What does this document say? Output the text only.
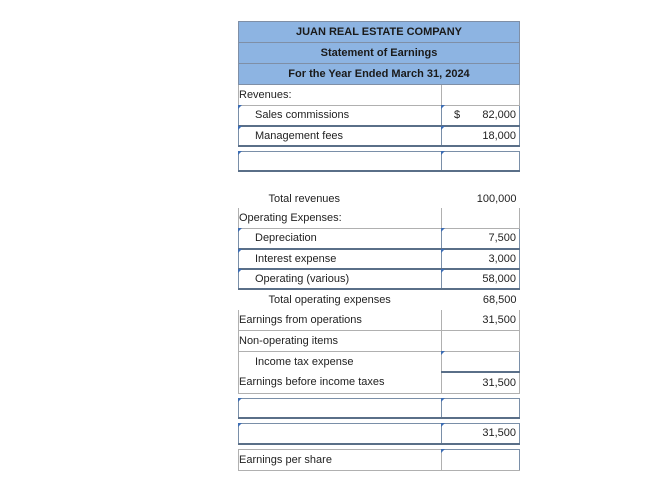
JUAN REAL ESTATE COMPANY	
Statement of Earnings	
For the Year Ended March 31, 2024	
Revenues:	
Sales commissions	$ 82,000
Management fees	18,000

Total revenues	100,000
Operating Expenses:	
Depreciation	7,500
Interest expense	3,000
Operating (various)	58,000
Total operating expenses	68,500
Earnings from operations	31,500
Non-operating items	
Income tax expense	
Earnings before income taxes	31,500

	31,500

Earnings per share	
